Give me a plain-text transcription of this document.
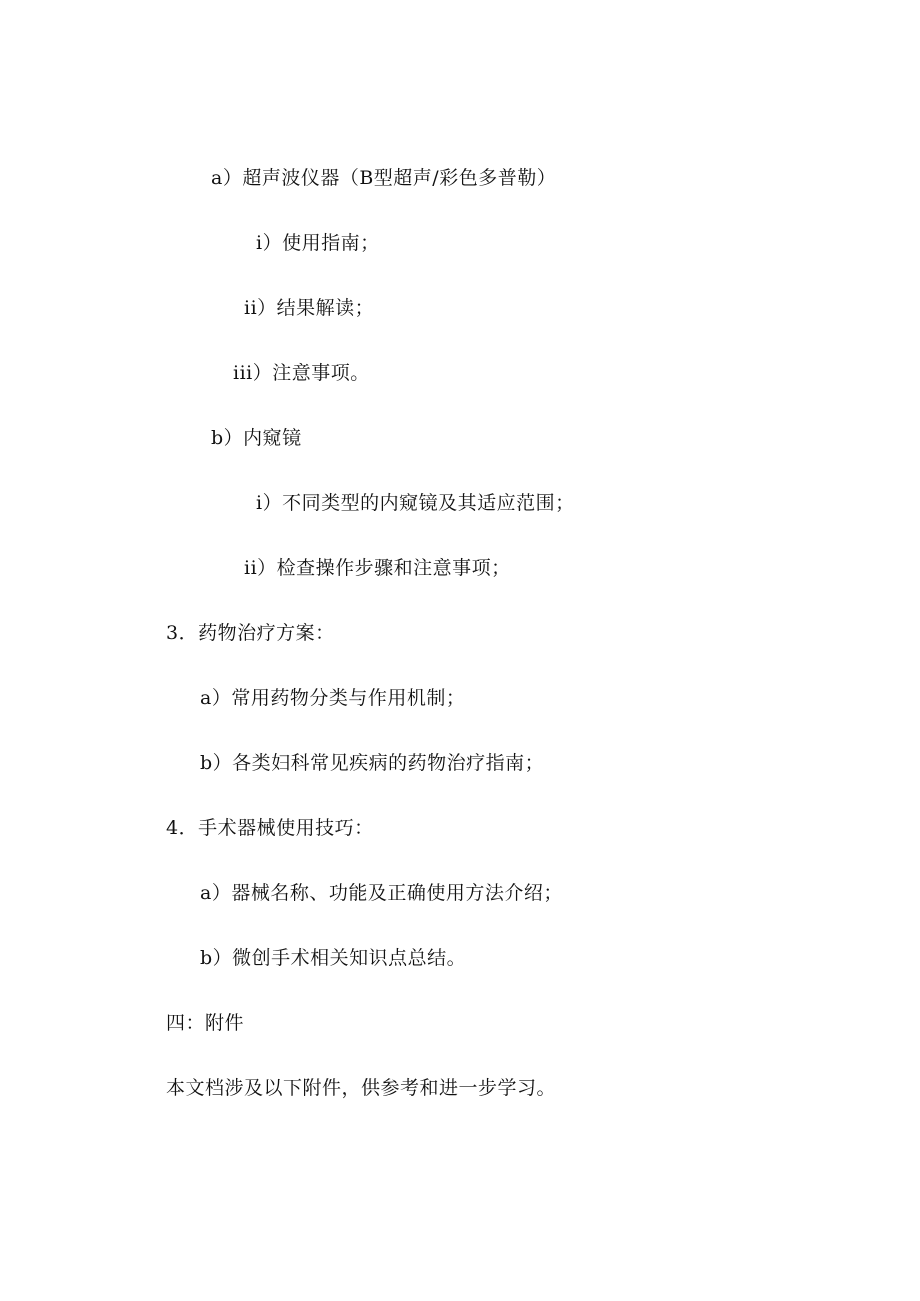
a）超声波仪器（B型超声/彩色多普勒）
i）使用指南；
ii）结果解读；
iii）注意事项。
b）内窥镜
i）不同类型的内窥镜及其适应范围；
ii）检查操作步骤和注意事项；
3．药物治疗方案：
a）常用药物分类与作用机制；
b）各类妇科常见疾病的药物治疗指南；
4．手术器械使用技巧：
a）器械名称、功能及正确使用方法介绍；
b）微创手术相关知识点总结。
四：附件
本文档涉及以下附件，供参考和进一步学习。
